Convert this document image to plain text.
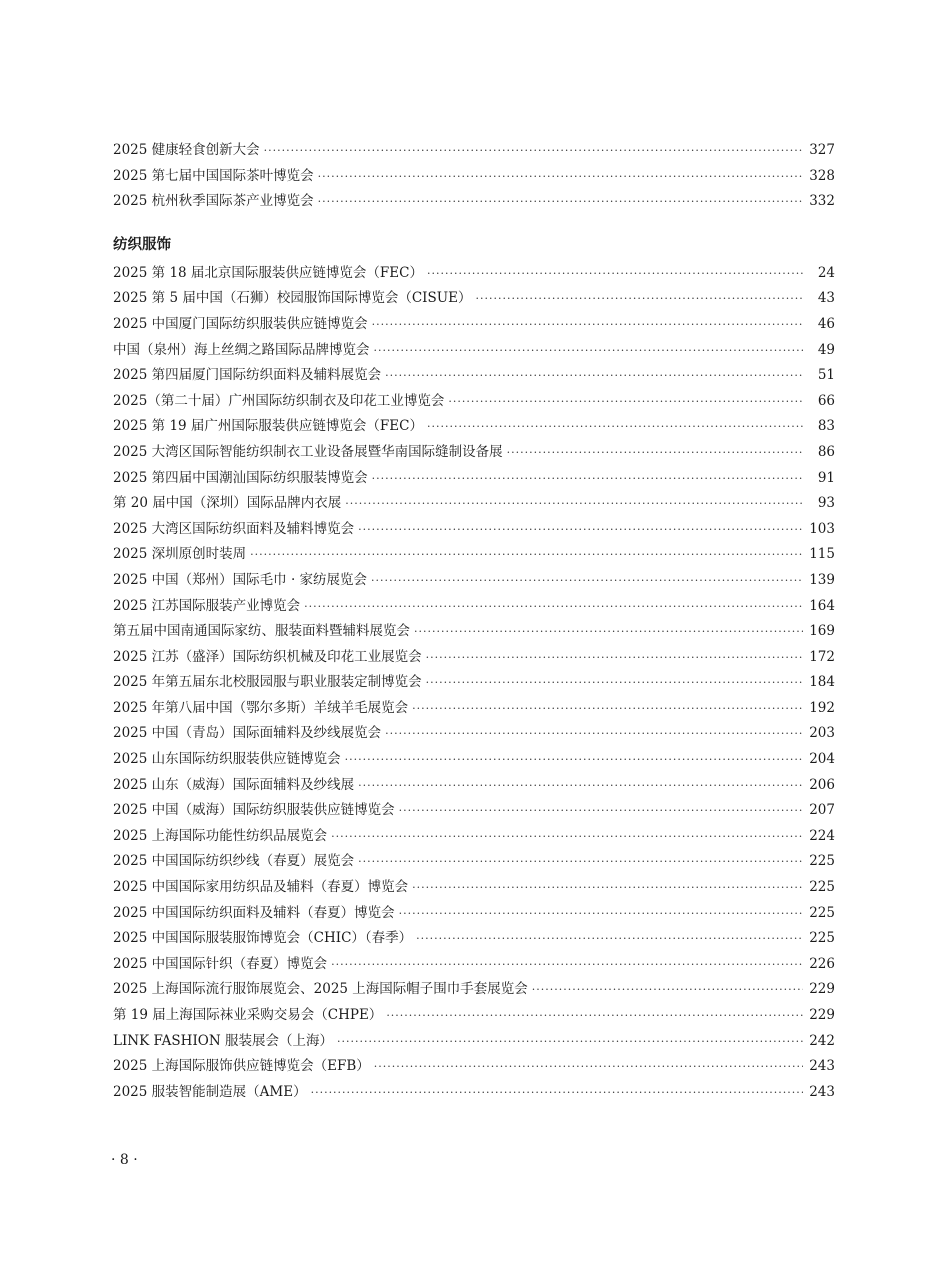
2025 健康轻食创新大会 ·····	327
2025 第七届中国国际茶叶博览会 ·····	328
2025 杭州秋季国际茶产业博览会 ·····	332
纺织服饰
2025 第 18 届北京国际服装供应链博览会（FEC） ·····	24
2025 第 5 届中国（石狮）校园服饰国际博览会（CISUE） ·····	43
2025 中国厦门国际纺织服装供应链博览会 ·····	46
中国（泉州）海上丝绸之路国际品牌博览会 ·····	49
2025 第四届厦门国际纺织面料及辅料展览会 ·····	51
2025（第二十届）广州国际纺织制衣及印花工业博览会 ·····	66
2025 第 19 届广州国际服装供应链博览会（FEC） ·····	83
2025 大湾区国际智能纺织制衣工业设备展暨华南国际缝制设备展 ·····	86
2025 第四届中国潮汕国际纺织服装博览会 ·····	91
第 20 届中国（深圳）国际品牌内衣展 ·····	93
2025 大湾区国际纺织面料及辅料博览会 ·····	103
2025 深圳原创时装周 ·····	115
2025 中国（郑州）国际毛巾 · 家纺展览会 ·····	139
2025 江苏国际服装产业博览会 ·····	164
第五届中国南通国际家纺、服装面料暨辅料展览会 ·····	169
2025 江苏（盛泽）国际纺织机械及印花工业展览会 ·····	172
2025 年第五届东北校服园服与职业服装定制博览会 ·····	184
2025 年第八届中国（鄂尔多斯）羊绒羊毛展览会 ·····	192
2025 中国（青岛）国际面辅料及纱线展览会 ·····	203
2025 山东国际纺织服装供应链博览会 ·····	204
2025 山东（威海）国际面辅料及纱线展 ·····	206
2025 中国（威海）国际纺织服装供应链博览会 ·····	207
2025 上海国际功能性纺织品展览会 ·····	224
2025 中国国际纺织纱线（春夏）展览会 ·····	225
2025 中国国际家用纺织品及辅料（春夏）博览会 ·····	225
2025 中国国际纺织面料及辅料（春夏）博览会 ·····	225
2025 中国国际服装服饰博览会（CHIC）（春季） ·····	225
2025 中国国际针织（春夏）博览会 ·····	226
2025 上海国际流行服饰展览会、2025 上海国际帽子围巾手套展览会 ·····	229
第 19 届上海国际袜业采购交易会（CHPE） ·····	229
LINK FASHION 服装展会（上海） ·····	242
2025 上海国际服饰供应链博览会（EFB） ·····	243
2025 服装智能制造展（AME） ·····	243
· 8 ·
